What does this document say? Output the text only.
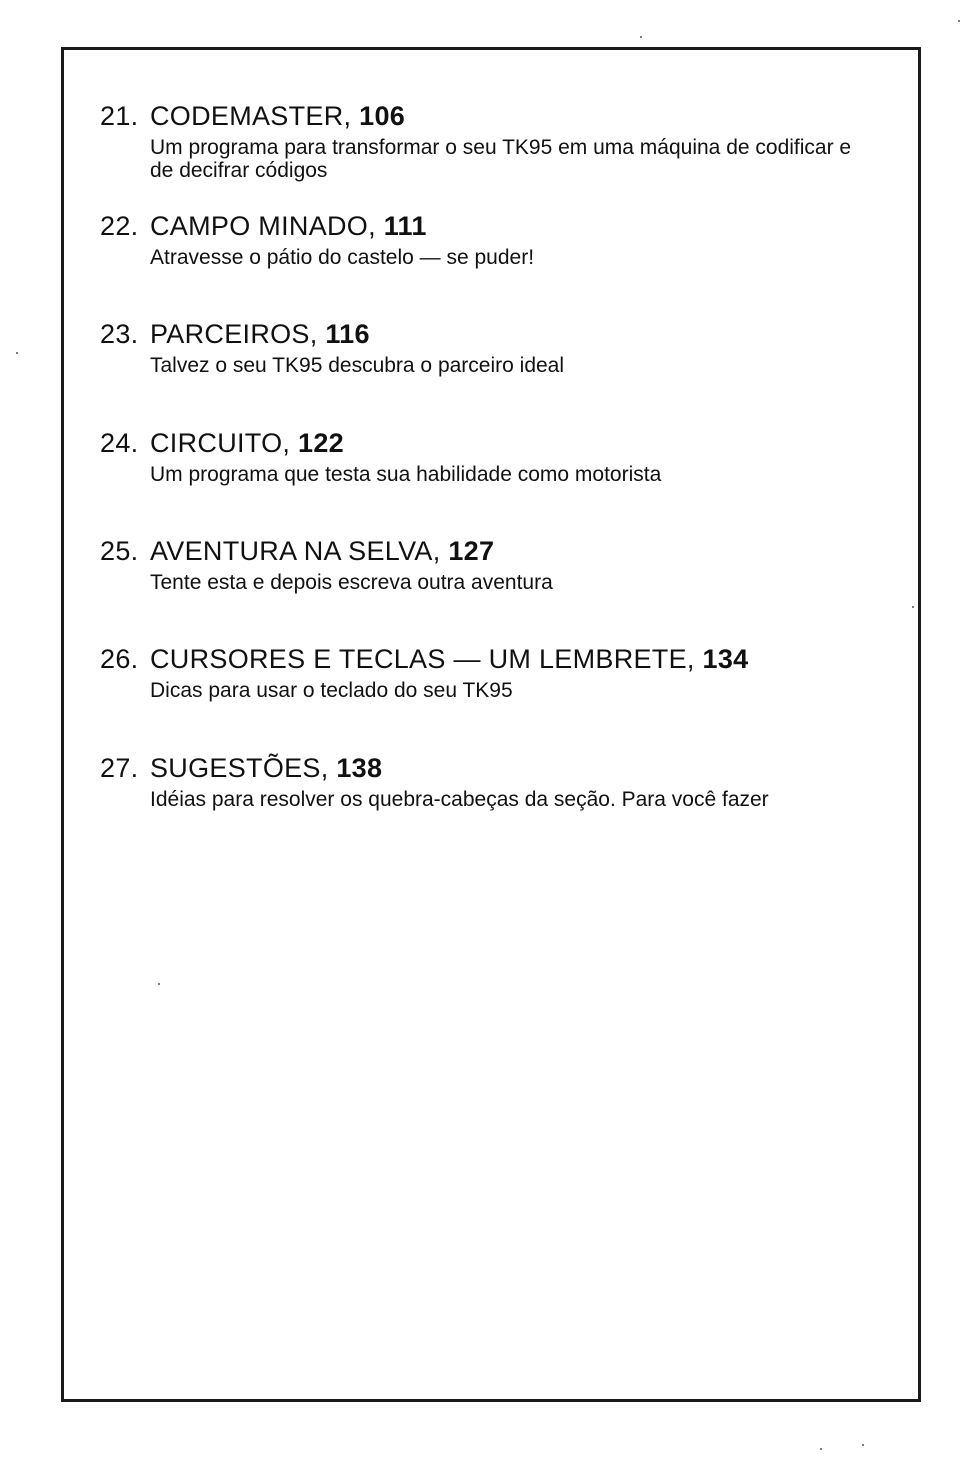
21. CODEMASTER, 106
Um programa para transformar o seu TK95 em uma máquina de codificar e de decifrar códigos
22. CAMPO MINADO, 111
Atravesse o pátio do castelo — se puder!
23. PARCEIROS, 116
Talvez o seu TK95 descubra o parceiro ideal
24. CIRCUITO, 122
Um programa que testa sua habilidade como motorista
25. AVENTURA NA SELVA, 127
Tente esta e depois escreva outra aventura
26. CURSORES E TECLAS — UM LEMBRETE, 134
Dicas para usar o teclado do seu TK95
27. SUGESTÕES, 138
Idéias para resolver os quebra-cabeças da seção. Para você fazer
